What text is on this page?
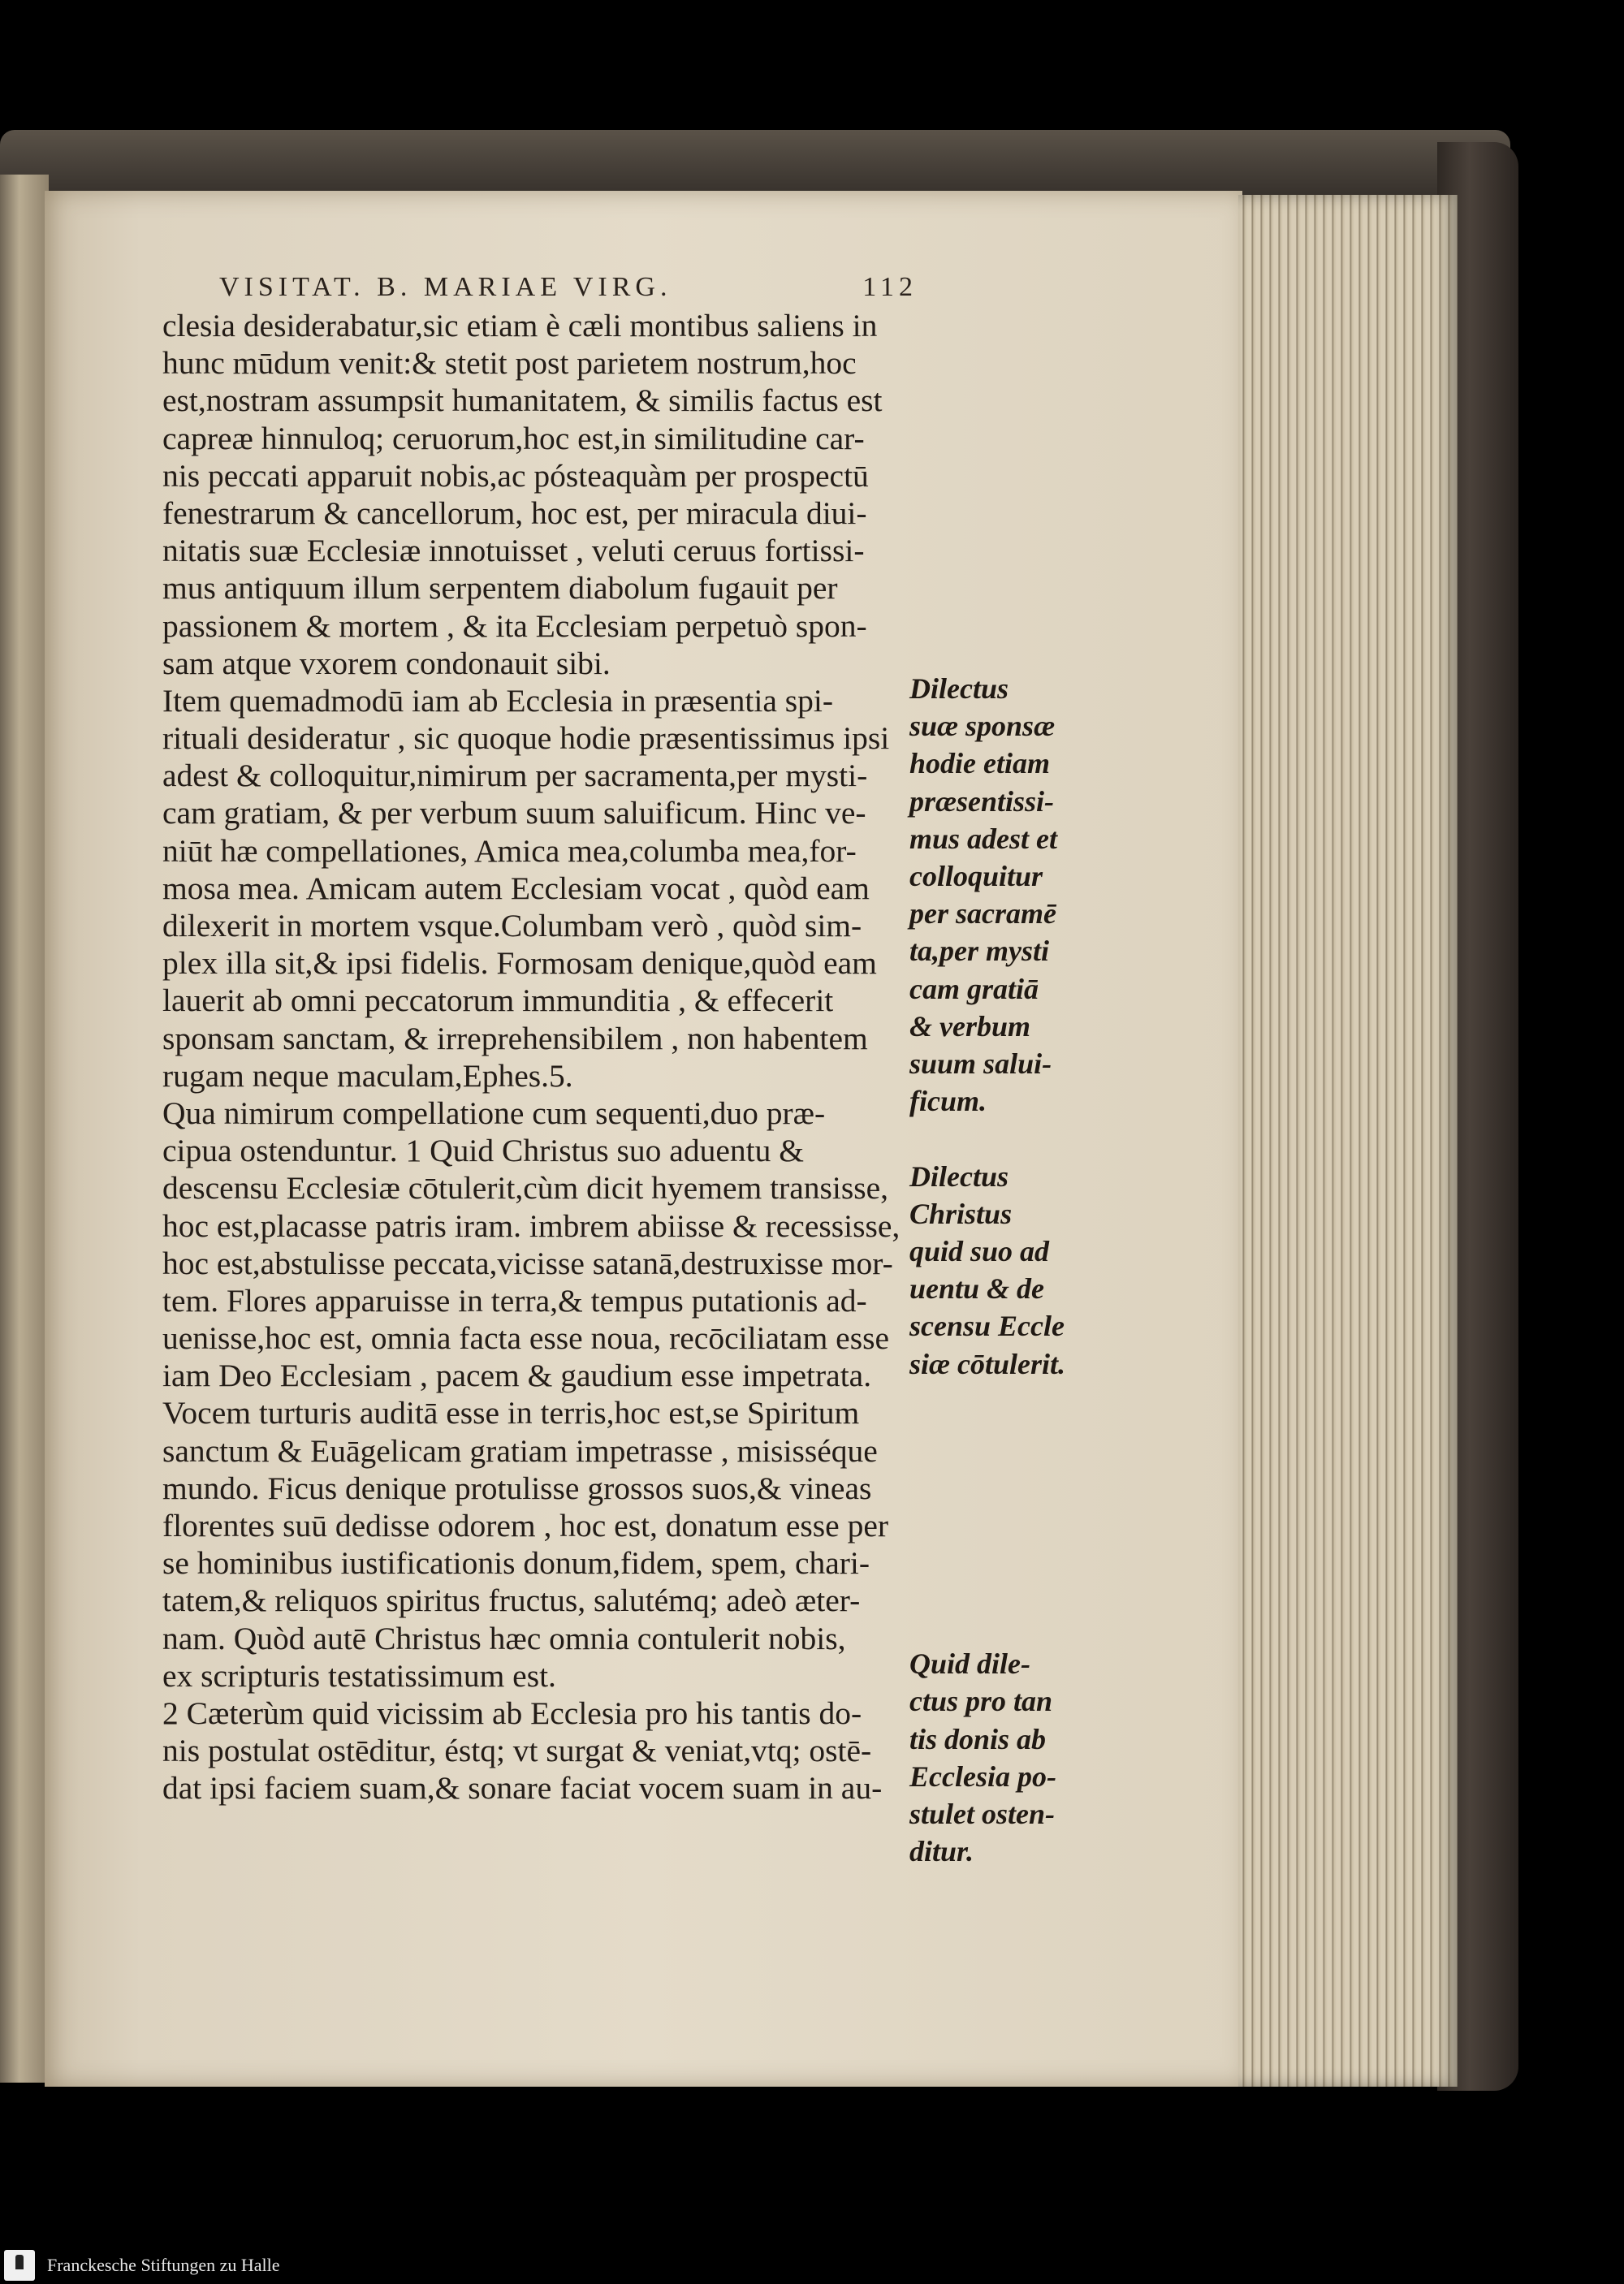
VISITAT. B. MARIAE VIRG.	112
clesia desiderabatur,sic etiam è cæli montibus saliens in
hunc mūdum venit:& stetit post parietem nostrum,hoc
est,nostram assumpsit humanitatem, & similis factus est
capreæ hinnuloq; ceruorum,hoc est,in similitudine car-
nis peccati apparuit nobis,ac pósteaquàm per prospectū
fenestrarum & cancellorum, hoc est, per miracula diui-
nitatis suæ Ecclesiæ innotuisset , veluti ceruus fortissi-
mus antiquum illum serpentem diabolum fugauit per
passionem & mortem , & ita Ecclesiam perpetuò spon-
sam atque vxorem condonauit sibi.
Item quemadmodū iam ab Ecclesia in præsentia spi-
rituali desideratur , sic quoque hodie præsentissimus ipsi
adest & colloquitur,nimirum per sacramenta,per mysti-
cam gratiam, & per verbum suum saluificum. Hinc ve-
niūt hæ compellationes, Amica mea,columba mea,for-
mosa mea. Amicam autem Ecclesiam vocat , quòd eam
dilexerit in mortem vsque.Columbam verò , quòd sim-
plex illa sit,& ipsi fidelis. Formosam denique,quòd eam
lauerit ab omni peccatorum immunditia , & effecerit
sponsam sanctam, & irreprehensibilem , non habentem
rugam neque maculam,Ephes.5.
Qua nimirum compellatione cum sequenti,duo præ-
cipua ostenduntur. 1 Quid Christus suo aduentu &
descensu Ecclesiæ cōtulerit,cùm dicit hyemem transisse,
hoc est,placasse patris iram. imbrem abiisse & recessisse,
hoc est,abstulisse peccata,vicisse satanā,destruxisse mor-
tem. Flores apparuisse in terra,& tempus putationis ad-
uenisse,hoc est, omnia facta esse noua, recōciliatam esse
iam Deo Ecclesiam , pacem & gaudium esse impetrata.
Vocem turturis auditā esse in terris,hoc est,se Spiritum
sanctum & Euāgelicam gratiam impetrasse , misisséque
mundo. Ficus denique protulisse grossos suos,& vineas
florentes suū dedisse odorem , hoc est, donatum esse per
se hominibus iustificationis donum,fidem, spem, chari-
tatem,& reliquos spiritus fructus, salutémq; adeò æter-
nam. Quòd autē Christus hæc omnia contulerit nobis,
ex scripturis testatissimum est.
2 Cæterùm quid vicissim ab Ecclesia pro his tantis do-
nis postulat ostēditur, éstq; vt surgat & veniat,vtq; ostē-
dat ipsi faciem suam,& sonare faciat vocem suam in au-
Dilectus
suæ sponsæ
hodie etiam
præsentissi-
mus adest et
colloquitur
per sacramē
ta,per mysti
cam gratiā
& verbum
suum salui-
ficum.
Dilectus
Christus
quid suo ad
uentu & de
scensu Eccle
siæ cōtulerit.
Quid dile-
ctus pro tan
tis donis ab
Ecclesia po-
stulet osten-
ditur.
Franckesche Stiftungen zu Halle
